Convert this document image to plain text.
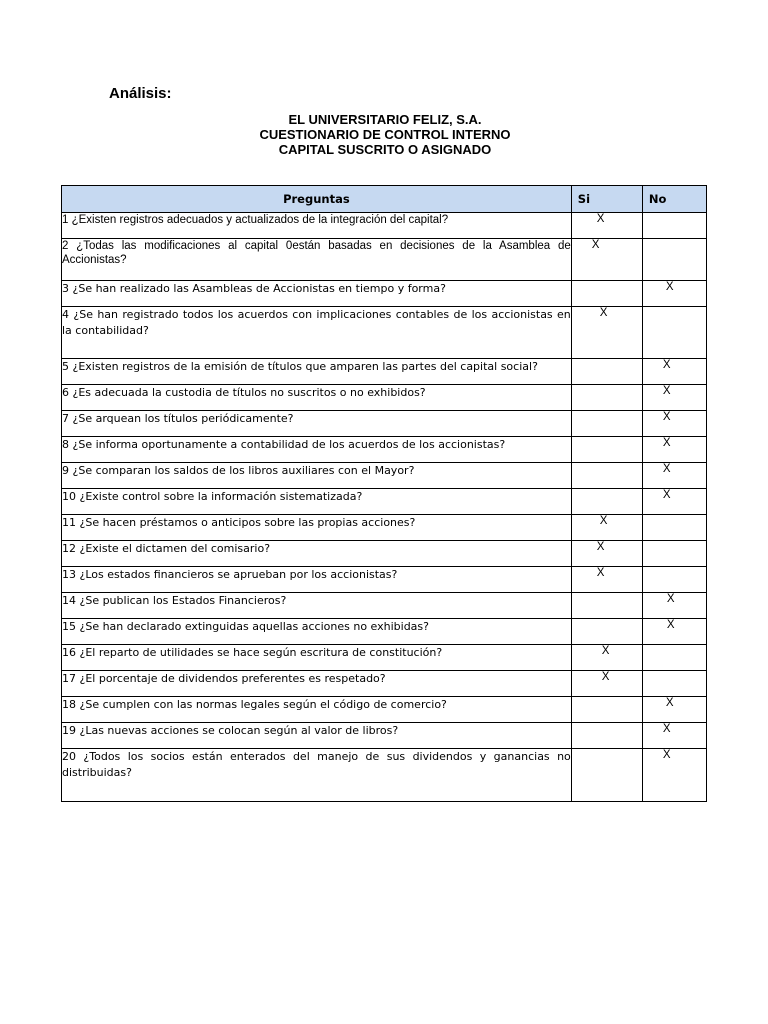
Análisis:
EL UNIVERSITARIO FELIZ, S.A.
CUESTIONARIO DE CONTROL INTERNO
CAPITAL SUSCRITO O ASIGNADO
Preguntas	Si	No
1 ¿Existen registros adecuados y actualizados de la integración del capital?	X	
2 ¿Todas las modificaciones al capital 0están basadas en decisiones de la Asamblea de Accionistas?	X	
3 ¿Se han realizado las Asambleas de Accionistas en tiempo y forma?		X
4 ¿Se han registrado todos los acuerdos con implicaciones contables de los accionistas en la contabilidad?	X	
5 ¿Existen registros de la emisión de títulos que amparen las partes del capital social?		X
6 ¿Es adecuada la custodia de títulos no suscritos o no exhibidos?		X
7 ¿Se arquean los títulos periódicamente?		X
8 ¿Se informa oportunamente a contabilidad de los acuerdos de los accionistas?		X
9 ¿Se comparan los saldos de los libros auxiliares con el Mayor?		X
10 ¿Existe control sobre la información sistematizada?		X
11 ¿Se hacen préstamos o anticipos sobre las propias acciones?	X	
12 ¿Existe el dictamen del comisario?	X	
13 ¿Los estados financieros se aprueban por los accionistas?	X	
14 ¿Se publican los Estados Financieros?		X
15 ¿Se han declarado extinguidas aquellas acciones no exhibidas?		X
16 ¿El reparto de utilidades se hace según escritura de constitución?	X	
17 ¿El porcentaje de dividendos preferentes es respetado?	X	
18 ¿Se cumplen con las normas legales según el código de comercio?		X
19 ¿Las nuevas acciones se colocan según al valor de libros?		X
20 ¿Todos los socios están enterados del manejo de sus dividendos y ganancias no distribuidas?		X
